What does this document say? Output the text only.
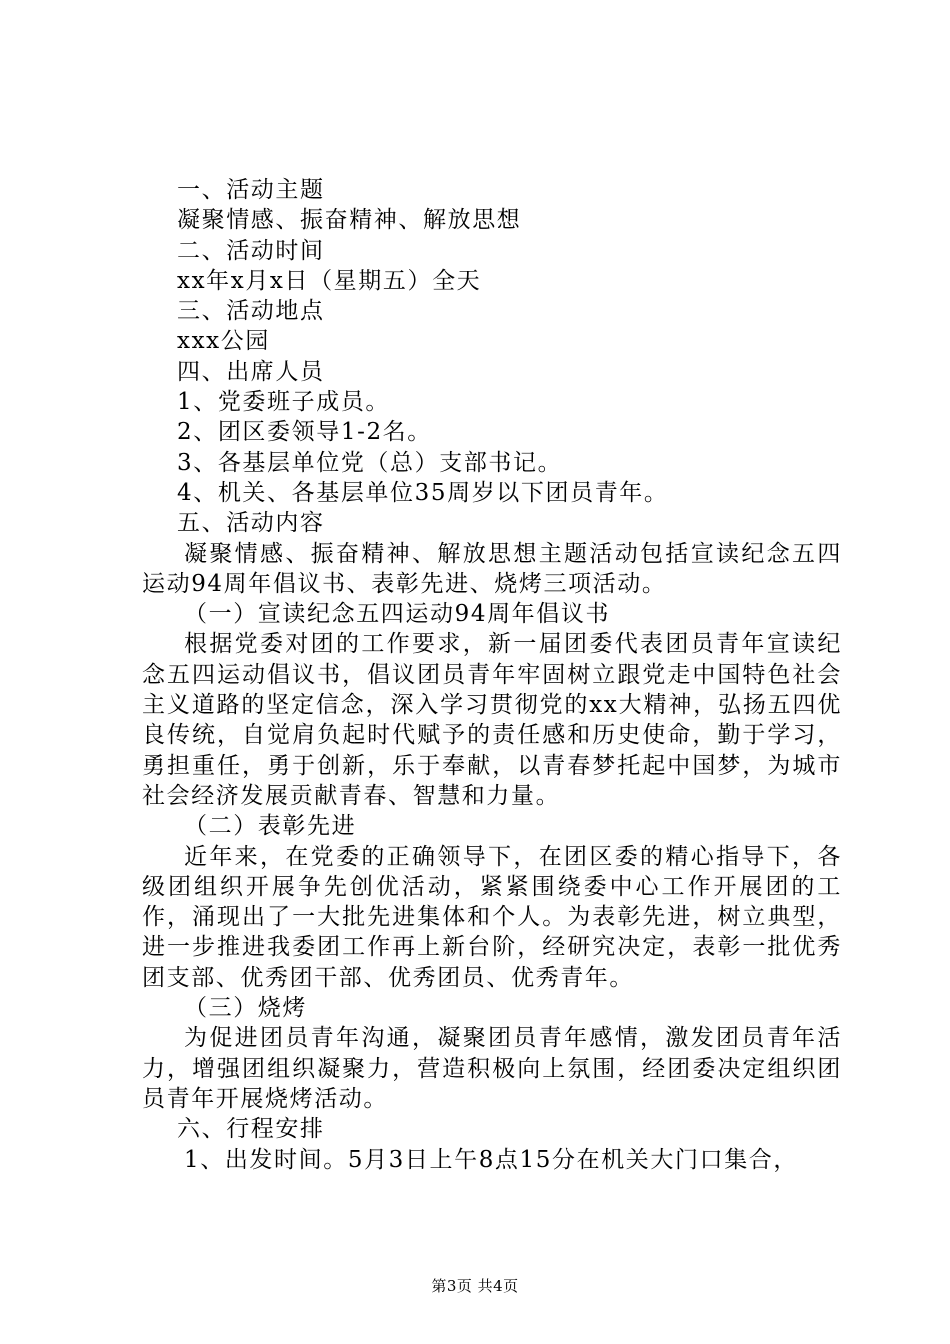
一、活动主题
凝聚情感、振奋精神、解放思想
二、活动时间
xx年x月x日（星期五）全天
三、活动地点
xxx公园
四、出席人员
1、党委班子成员。
2、团区委领导1-2名。
3、各基层单位党（总）支部书记。
4、机关、各基层单位35周岁以下团员青年。
五、活动内容
凝聚情感、振奋精神、解放思想主题活动包括宣读纪念五四运动94周年倡议书、表彰先进、烧烤三项活动。
（一）宣读纪念五四运动94周年倡议书
根据党委对团的工作要求，新一届团委代表团员青年宣读纪念五四运动倡议书，倡议团员青年牢固树立跟党走中国特色社会主义道路的坚定信念，深入学习贯彻党的xx大精神，弘扬五四优良传统，自觉肩负起时代赋予的责任感和历史使命，勤于学习，勇担重任，勇于创新，乐于奉献，以青春梦托起中国梦，为城市社会经济发展贡献青春、智慧和力量。
（二）表彰先进
近年来，在党委的正确领导下，在团区委的精心指导下，各级团组织开展争先创优活动，紧紧围绕委中心工作开展团的工作，涌现出了一大批先进集体和个人。为表彰先进，树立典型，进一步推进我委团工作再上新台阶，经研究决定，表彰一批优秀团支部、优秀团干部、优秀团员、优秀青年。
（三）烧烤
为促进团员青年沟通，凝聚团员青年感情，激发团员青年活力，增强团组织凝聚力，营造积极向上氛围，经团委决定组织团员青年开展烧烤活动。
六、行程安排
1、出发时间。5月3日上午8点15分在机关大门口集合，
第3页 共4页
